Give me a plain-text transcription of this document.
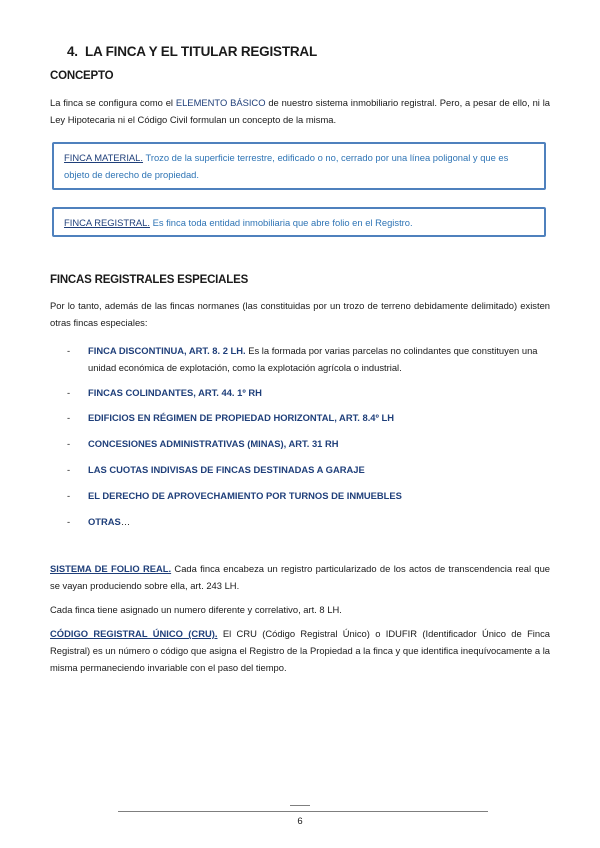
4. LA FINCA Y EL TITULAR REGISTRAL
CONCEPTO
La finca se configura como el ELEMENTO BÁSICO de nuestro sistema inmobiliario registral. Pero, a pesar de ello, ni la Ley Hipotecaria ni el Código Civil formulan un concepto de la misma.
FINCA MATERIAL. Trozo de la superficie terrestre, edificado o no, cerrado por una línea poligonal y que es objeto de derecho de propiedad.
FINCA REGISTRAL. Es finca toda entidad inmobiliaria que abre folio en el Registro.
FINCAS REGISTRALES ESPECIALES
Por lo tanto, además de las fincas normanes (las constituidas por un trozo de terreno debidamente delimitado) existen otras fincas especiales:
- FINCA DISCONTINUA, ART. 8. 2 LH. Es la formada por varias parcelas no colindantes que constituyen una unidad económica de explotación, como la explotación agrícola o industrial.
- FINCAS COLINDANTES, ART. 44. 1º RH
- EDIFICIOS EN RÉGIMEN DE PROPIEDAD HORIZONTAL, ART. 8.4º LH
- CONCESIONES ADMINISTRATIVAS (MINAS), ART. 31 RH
- LAS CUOTAS INDIVISAS DE FINCAS DESTINADAS A GARAJE
- EL DERECHO DE APROVECHAMIENTO POR TURNOS DE INMUEBLES
- OTRAS…
SISTEMA DE FOLIO REAL. Cada finca encabeza un registro particularizado de los actos de transcendencia real que se vayan produciendo sobre ella, art. 243 LH.
Cada finca tiene asignado un numero diferente y correlativo, art. 8 LH.
CÓDIGO REGISTRAL ÚNICO (CRU). El CRU (Código Registral Único) o IDUFIR (Identificador Único de Finca Registral) es un número o código que asigna el Registro de la Propiedad a la finca y que identifica inequívocamente a la misma permaneciendo invariable con el paso del tiempo.
6
